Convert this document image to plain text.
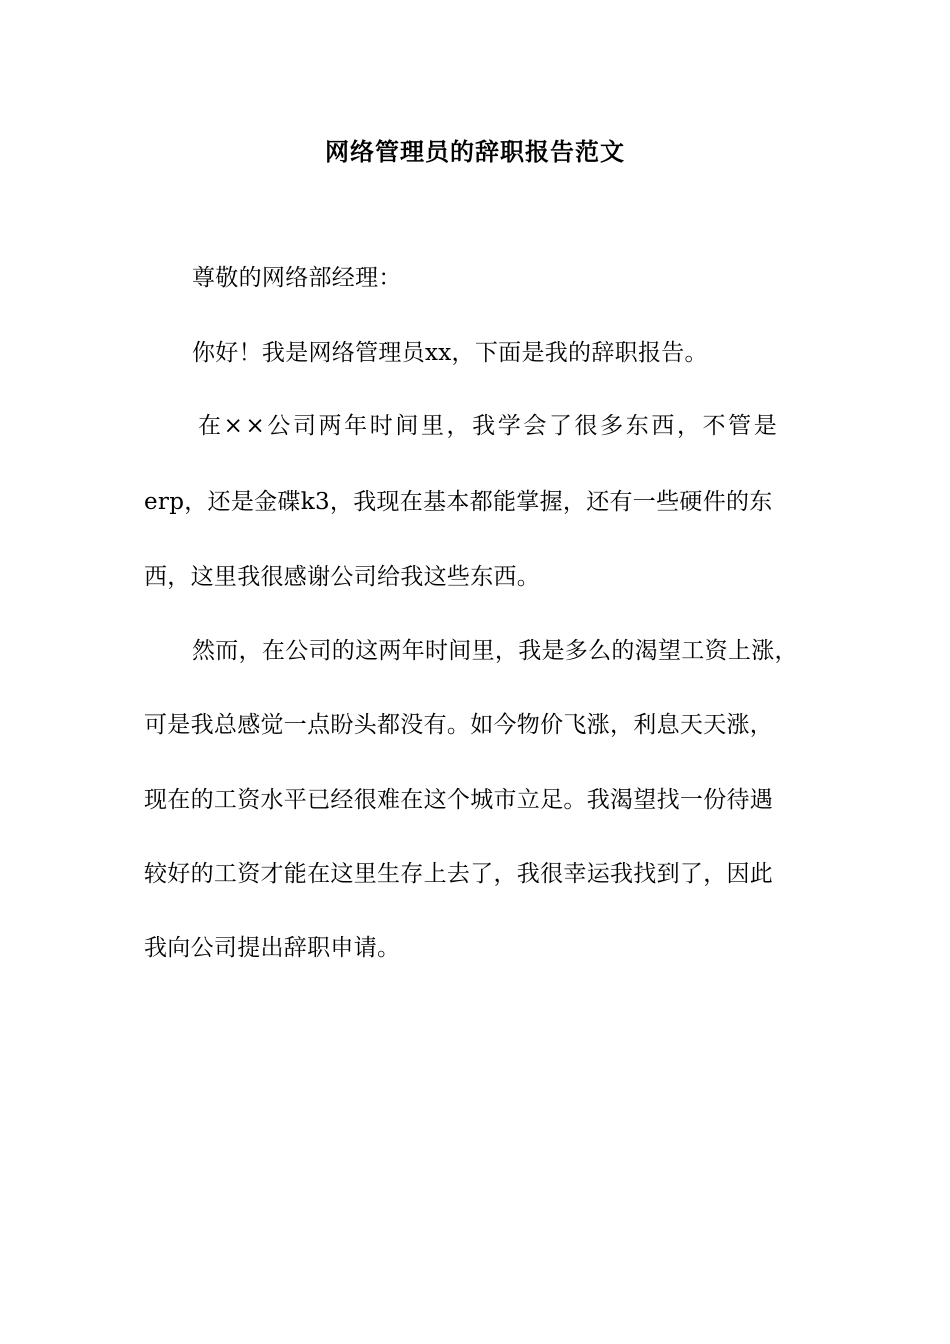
网络管理员的辞职报告范文
尊敬的网络部经理：
你好！我是网络管理员xx，下面是我的辞职报告。
在××公司两年时间里，我学会了很多东西，不管是
erp，还是金碟k3，我现在基本都能掌握，还有一些硬件的东
西，这里我很感谢公司给我这些东西。
然而，在公司的这两年时间里，我是多么的渴望工资上涨，
可是我总感觉一点盼头都没有。如今物价飞涨，利息天天涨，
现在的工资水平已经很难在这个城市立足。我渴望找一份待遇
较好的工资才能在这里生存上去了，我很幸运我找到了，因此
我向公司提出辞职申请。
